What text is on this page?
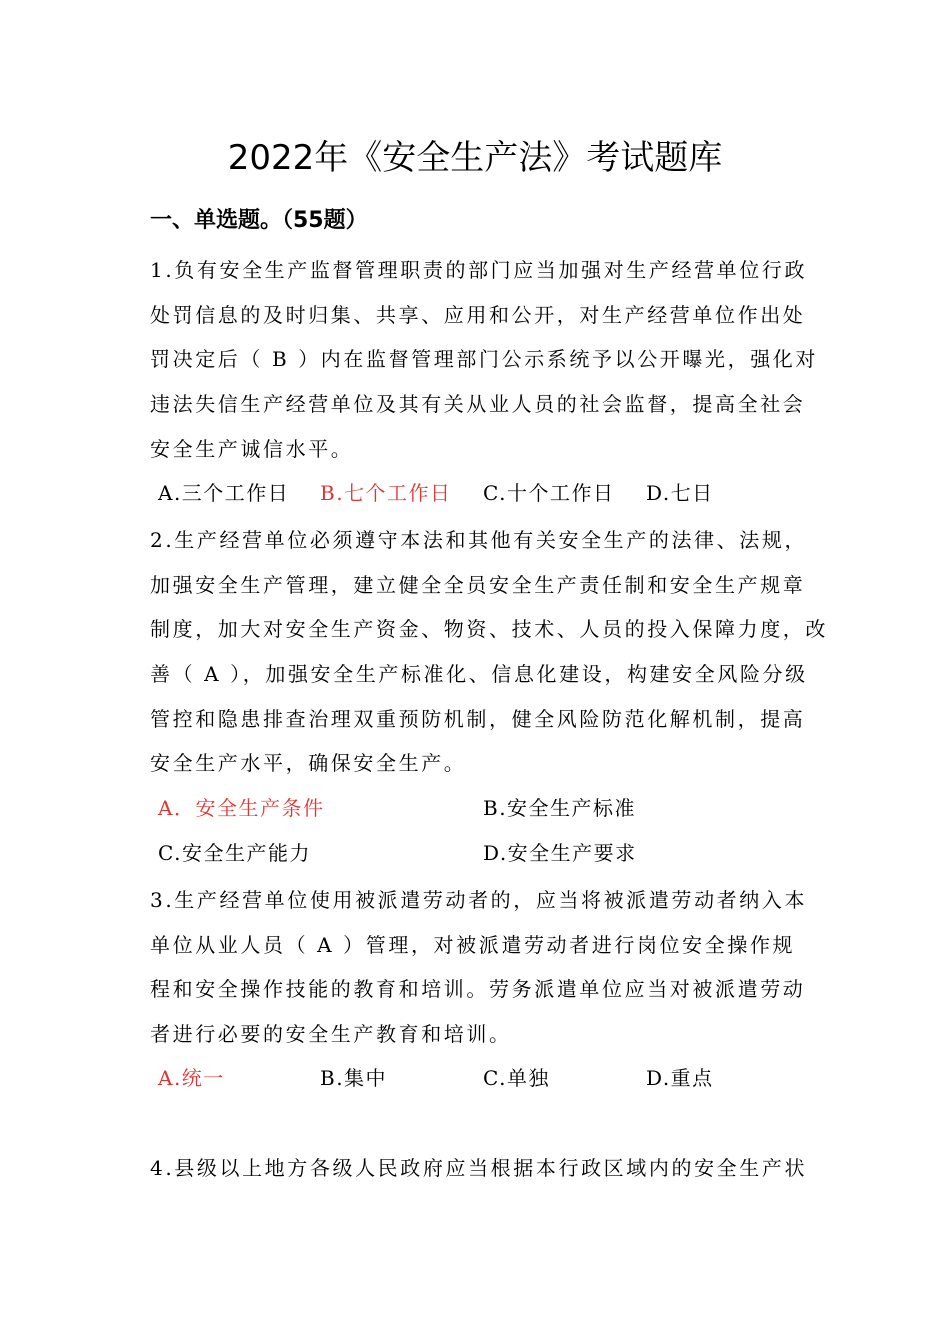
2022年《安全生产法》考试题库
一、单选题。（55题）
1.负有安全生产监督管理职责的部门应当加强对生产经营单位行政
处罚信息的及时归集、共享、应用和公开，对生产经营单位作出处
罚决定后（ B ）内在监督管理部门公示系统予以公开曝光，强化对
违法失信生产经营单位及其有关从业人员的社会监督，提高全社会
安全生产诚信水平。
A.三个工作日 B.七个工作日 C.十个工作日 D.七日
2.生产经营单位必须遵守本法和其他有关安全生产的法律、法规，
加强安全生产管理，建立健全全员安全生产责任制和安全生产规章
制度，加大对安全生产资金、物资、技术、人员的投入保障力度，改
善（ A ），加强安全生产标准化、信息化建设，构建安全风险分级
管控和隐患排查治理双重预防机制，健全风险防范化解机制，提高
安全生产水平，确保安全生产。
A．安全生产条件	B.安全生产标准
C.安全生产能力	D.安全生产要求
3.生产经营单位使用被派遣劳动者的，应当将被派遣劳动者纳入本
单位从业人员（ A ）管理，对被派遣劳动者进行岗位安全操作规
程和安全操作技能的教育和培训。劳务派遣单位应当对被派遣劳动
者进行必要的安全生产教育和培训。
A.统一	B.集中	C.单独	D.重点
4.县级以上地方各级人民政府应当根据本行政区域内的安全生产状
